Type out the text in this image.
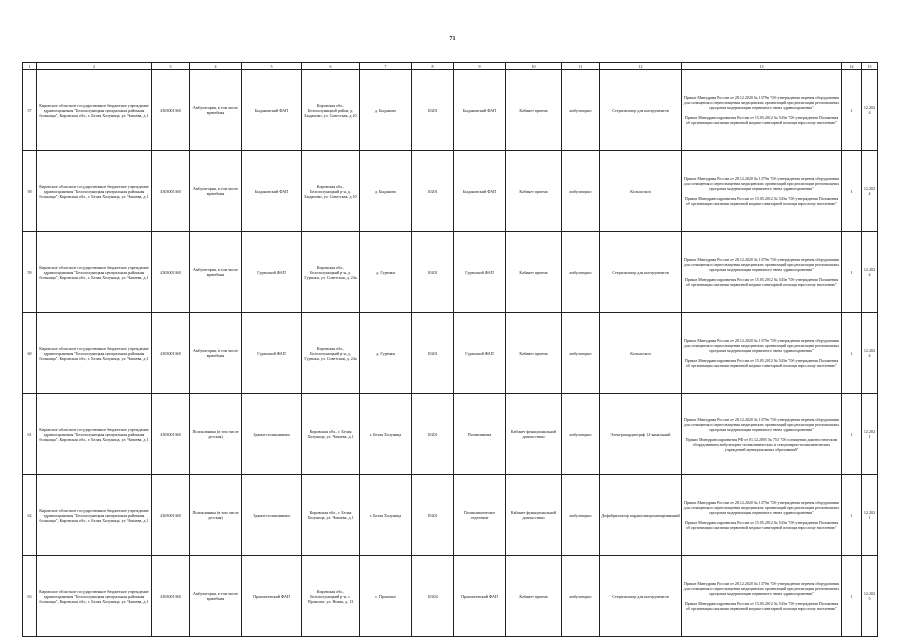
71
1	2	3	4	5	6	7	8	9	10	11	12	13	14	15
57	Кировское областное государственное бюджетное учреждение здравоохранения "Белохолуницкая центральная районная больница", Кировская обл., г. Белая Холуница, ул. Чапаева, д.1	4303001360	Амбулатория, в том числе врачебная	Быдановский ФАП	Кировская обл., Белохолуницкий район, д. Быданово, ул. Советская, д.10	д. Быданово	10201	Быдановский ФАП	Кабинет приема	амбулаторно	Стерилизатор для инструментов	Приказ Минздрава России от 28.12.2020 № 1379н "Об утверждении перечня оборудования для оснащения и переоснащения медицинских организаций при реализации региональных программ модернизации первичного звена здравоохранения"
Приказ Минздравсоцразвития России от 15.05.2012 № 543н "Об утверждении Положения об организации оказания первичной медико-санитарной помощи взрослому населению"	1	12.2024
58	Кировское областное государственное бюджетное учреждение здравоохранения "Белохолуницкая центральная районная больница", Кировская обл., г. Белая Холуница, ул. Чапаева, д.1	4303001360	Амбулатория, в том числе врачебная	Быдановский ФАП	Кировская обл., Белохолуницкий р-н, д. Быданово, ул. Советская, д.10	д. Быданово	10201	Быдановский ФАП	Кабинет приема	амбулаторно	Кольпоскоп	Приказ Минздрава России от 28.12.2020 № 1379н "Об утверждении перечня оборудования для оснащения и переоснащения медицинских организаций при реализации региональных программ модернизации первичного звена здравоохранения"
Приказ Минздравсоцразвития России от 15.05.2012 № 543н "Об утверждении Положения об организации оказания первичной медико-санитарной помощи взрослому населению"	1	12.2024
59	Кировское областное государственное бюджетное учреждение здравоохранения "Белохолуницкая центральная районная больница", Кировская обл., г. Белая Холуница, ул. Чапаева, д.1	4303001360	Амбулатория, в том числе врачебная	Гуренский ФАП	Кировская обл., Белохолуницкий р-н, д. Гуренки, ул. Советская, д. 24а	д. Гуренки	10201	Гуренский ФАП	Кабинет приема	амбулаторно	Стерилизатор для инструментов	Приказ Минздрава России от 28.12.2020 № 1379н "Об утверждении перечня оборудования для оснащения и переоснащения медицинских организаций при реализации региональных программ модернизации первичного звена здравоохранения"
Приказ Минздравсоцразвития России от 15.05.2012 № 543н "Об утверждении Положения об организации оказания первичной медико-санитарной помощи взрослому населению"	1	12.2024
60	Кировское областное государственное бюджетное учреждение здравоохранения "Белохолуницкая центральная районная больница", Кировская обл., г. Белая Холуница, ул. Чапаева, д.1	4303001360	Амбулатория, в том числе врачебная	Гуренский ФАП	Кировская обл., Белохолуницкий р-н, д. Гуренки, ул. Советская, д. 24а	д. Гуренки	10201	Гуренский ФАП	Кабинет приема	амбулаторно	Кольпоскоп	Приказ Минздрава России от 28.12.2020 № 1379н "Об утверждении перечня оборудования для оснащения и переоснащения медицинских организаций при реализации региональных программ модернизации первичного звена здравоохранения"
Приказ Минздравсоцразвития России от 15.05.2012 № 543н "Об утверждении Положения об организации оказания первичной медико-санитарной помощи взрослому населению"	1	12.2024
61	Кировское областное государственное бюджетное учреждение здравоохранения "Белохолуницкая центральная районная больница", Кировская обл., г. Белая Холуница, ул. Чапаева, д.1	4303001360	Поликлиника (в том числе детская)	Здание поликлиники	Кировская обл., г. Белая Холуница, ул. Чапаева, д.1	г. Белая Холуница	10201	Поликлиника	Кабинет функциональной диагностики	амбулаторно	Электрокардиограф 12-канальный	Приказ Минздрава России от 28.12.2020 № 1379н "Об утверждении перечня оборудования для оснащения и переоснащения медицинских организаций при реализации региональных программ модернизации первичного звена здравоохранения"
Приказ Минздравсоцразвития РФ от 01.12.2005 № 753 "Об оснащении диагностическим оборудованием амбулаторно-поликлинических и стационарно-поликлинических учреждений муниципальных образований"	1	12.2021
62	Кировское областное государственное бюджетное учреждение здравоохранения "Белохолуницкая центральная районная больница", Кировская обл., г. Белая Холуница, ул. Чапаева, д.1	4303001360	Поликлиника (в том числе детская)	Здание поликлиники	Кировская обл., г. Белая Холуница, ул. Чапаева, д.1	г. Белая Холуница	10201	Поликлиническое отделение	Кабинет функциональной диагностики	амбулаторно	Дефибриллятор кардиосинхронизированный	Приказ Минздрава России от 28.12.2020 № 1379н "Об утверждении перечня оборудования для оснащения и переоснащения медицинских организаций при реализации региональных программ модернизации первичного звена здравоохранения"
Приказ Минздравсоцразвития России от 15.05.2012 № 543н "Об утверждении Положения об организации оказания первичной медико-санитарной помощи взрослому населению"	1	12.2021
63	Кировское областное государственное бюджетное учреждение здравоохранения "Белохолуницкая центральная районная больница", Кировская обл., г. Белая Холуница, ул. Чапаева, д.1	4303001360	Амбулатория, в том числе врачебная	Прокопьевский ФАП	Кировская обл., Белохолуницкий р-н, с. Прокопье, ул. Новая, д. 13	с. Прокопье	10204	Прокопьевский ФАП	Кабинет приема	амбулаторно	Стерилизатор для инструментов	Приказ Минздрава России от 28.12.2020 № 1379н "Об утверждении перечня оборудования для оснащения и переоснащения медицинских организаций при реализации региональных программ модернизации первичного звена здравоохранения"
Приказ Минздравсоцразвития России от 15.05.2012 № 543н "Об утверждении Положения об организации оказания первичной медико-санитарной помощи взрослому населению"	1	12.2025
